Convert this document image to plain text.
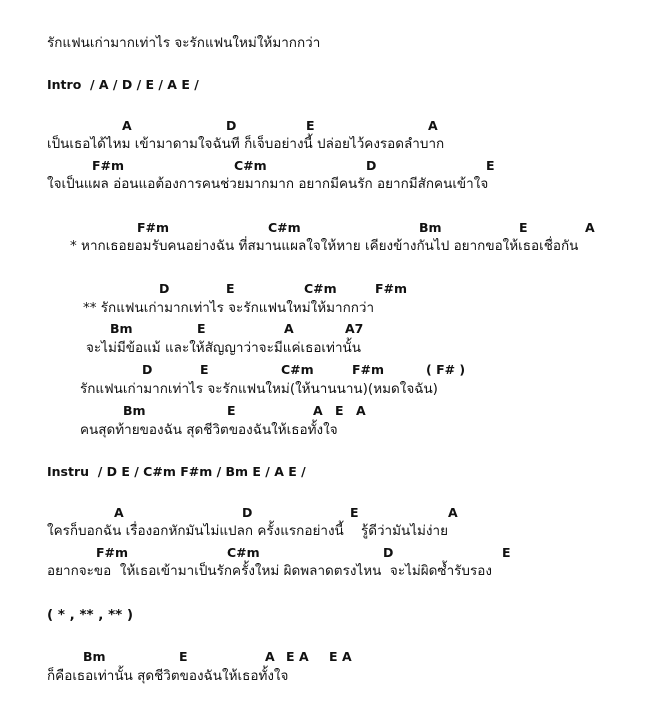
รักแฟนเก่ามากเท่าไร จะรักแฟนใหม่ให้มากกว่า
Intro  / A / D / E / A E /
A	D	E	A
เป็นเธอได้ไหม เข้ามาดามใจฉันที ก็เจ็บอย่างนี้ ปล่อยไว้คงรอดลำบาก
F#m	C#m	D	E
ใจเป็นแผล อ่อนแอต้องการคนช่วยมากมาก อยากมีคนรัก อยากมีสักคนเข้าใจ
F#m	C#m	Bm	E	A
* หากเธอยอมรับคนอย่างฉัน ที่สมานแผลใจให้หาย เคียงข้างกันไป อยากขอให้เธอเชื่อกัน
D	E	C#m	F#m
** รักแฟนเก่ามากเท่าไร จะรักแฟนใหม่ให้มากกว่า
Bm	E	A	A7
จะไม่มีข้อแม้ และให้สัญญาว่าจะมีแค่เธอเท่านั้น
D	E	C#m	F#m	( F# )
รักแฟนเก่ามากเท่าไร จะรักแฟนใหม่(ให้นานนาน)(หมดใจฉัน)
Bm	E	A E A
คนสุดท้ายของฉัน สุดชีวิตของฉันให้เธอทั้งใจ
Instru  / D E / C#m F#m / Bm E / A E /
A	D	E	A
ใครก็บอกฉัน เรื่องอกหักมันไม่แปลก ครั้งแรกอย่างนี้    รู้ดีว่ามันไม่ง่าย
F#m	C#m	D	E
อยากจะขอ  ให้เธอเข้ามาเป็นรักครั้งใหม่ ผิดพลาดตรงไหน  จะไม่ผิดซ้ำรับรอง
( * , ** , ** )
Bm	E	A E A E A
ก็คือเธอเท่านั้น สุดชีวิตของฉันให้เธอทั้งใจ
